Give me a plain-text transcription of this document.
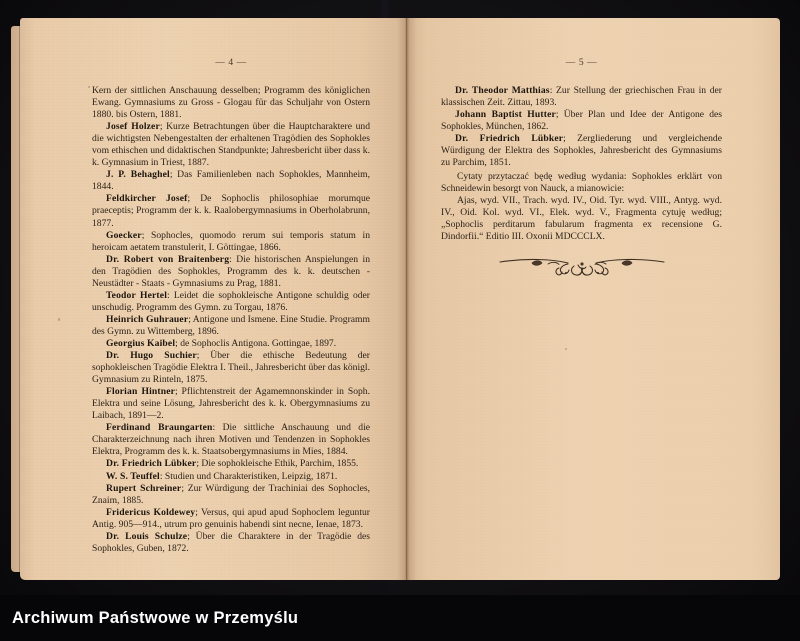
— 4 —

Kern der sittlichen Anschauung desselben; Programm des königlichen Ewang. Gymnasiums zu Gross - Glogau für das Schuljahr von Ostern 1880. bis Ostern, 1881.

Josef Holzer; Kurze Betrachtungen über die Hauptcharaktere und die wichtigsten Nebengestalten der erhaltenen Tragödien des Sophokles vom ethischen und didaktischen Standpunkte; Jahresbericht über dass k. k. Gymnasium in Triest, 1887.

J. P. Behaghel; Das Familienleben nach Sophokles, Mannheim, 1844.

Feldkircher Josef; De Sophoclis philosophiae morumque praeceptis; Programm der k. k. Raalobergymnasiums in Oberholabrunn, 1877.

Goecker; Sophocles, quomodo rerum sui temporis statum in heroicam aetatem transtulerit, I. Göttingae, 1866.

Dr. Robert von Braitenberg: Die historischen Anspielungen in den Tragödien des Sophokles, Programm des k. k. deutschen - Neustädter - Staats - Gymnasiums zu Prag, 1881.

Teodor Hertel: Leidet die sophokleische Antigone schuldig oder unschudig. Programm des Gymn. zu Torgau, 1876.

Heinrich Guhrauer; Antigone und Ismene. Eine Studie. Programm des Gymn. zu Wittemberg, 1896.

Georgius Kaibel; de Sophoclis Antigona. Gottingae, 1897.

Dr. Hugo Suchier; Über die ethische Bedeutung der sophokleischen Tragödie Elektra I. Theil., Jahresbericht über das königl. Gymnasium zu Rinteln, 1875.

Florian Hintner; Pflichtenstreit der Agamemnonskinder in Soph. Elektra und seine Lösung, Jahresbericht des k. k. Obergymnasiums zu Laibach, 1891—2.

Ferdinand Braungarten: Die sittliche Anschauung und die Charakterzeichnung nach ihren Motiven und Tendenzen in Sophokles Elektra, Programm des k. k. Staatsobergymnasiums in Mies, 1884.

Dr. Friedrich Lübker; Die sophokleische Ethik, Parchim, 1855.

W. S. Teuffel: Studien und Charakteristiken, Leipzig, 1871.

Rupert Schreiner; Zur Würdigung der Trachiniai des Sophocles, Znaim, 1885.

Fridericus Koldewey; Versus, qui apud apud Sophoclem leguntur Antig. 905—914., utrum pro genuinis habendi sint necne, Ienae, 1873.

Dr. Louis Schulze; Über die Charaktere in der Tragödie des Sophokles, Guben, 1872.

— 5 —

Dr. Theodor Matthias: Zur Stellung der griechischen Frau in der klassischen Zeit. Zittau, 1893.

Johann Baptist Hutter; Über Plan und Idee der Antigone des Sophokles, München, 1862.

Dr. Friedrich Lübker; Zergliederung und vergleichende Würdigung der Elektra des Sophokles, Jahresbericht des Gymnasiums zu Parchim, 1851.

Cytaty przytaczać będę według wydania: Sophokles erklärt von Schneidewin besorgt von Nauck, a mianowicie:

Ajas, wyd. VII., Trach. wyd. IV., Oid. Tyr. wyd. VIII., Antyg. wyd. IV., Oid. Kol. wyd. VI., Elek. wyd. V., Fragmenta cytuję według; „Sophoclis perditarum fabularum fragmenta ex recensione G. Dindorfii.“ Editio III. Oxonii MDCCCLX.

Archiwum Państwowe w Przemyślu
